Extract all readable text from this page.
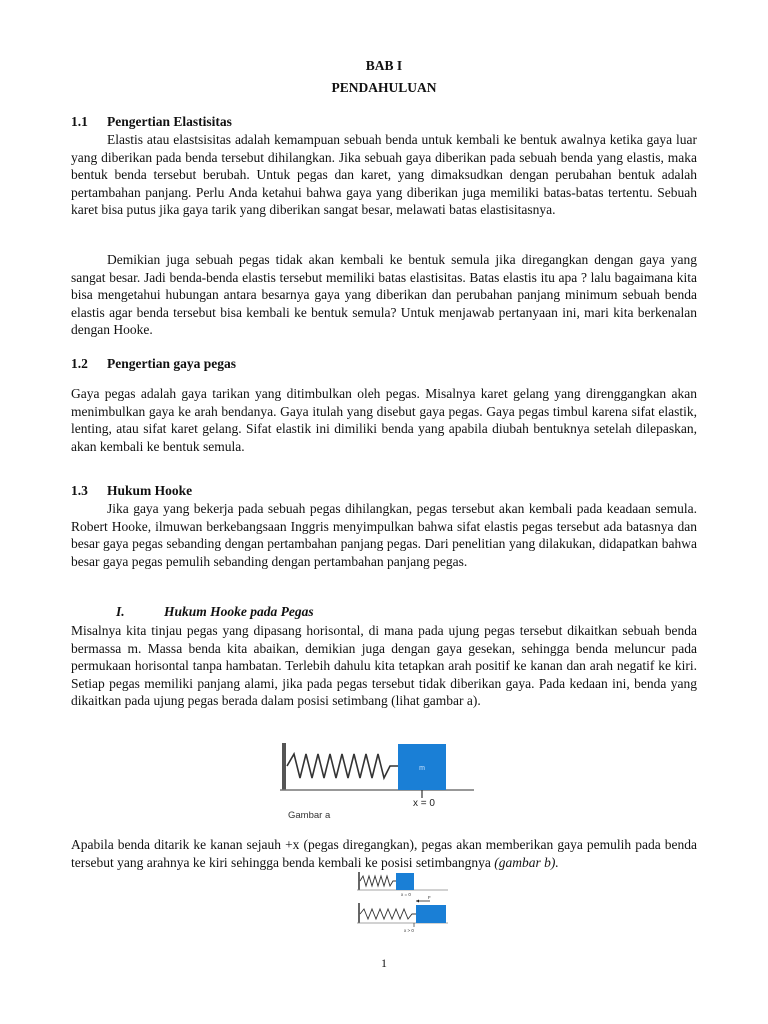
BAB I
PENDAHULUAN
1.1 Pengertian Elastisitas
Elastis atau elastsisitas adalah kemampuan sebuah benda untuk kembali ke bentuk awalnya ketika gaya luar yang diberikan pada benda tersebut dihilangkan. Jika sebuah gaya diberikan pada sebuah benda yang elastis, maka bentuk benda tersebut berubah. Untuk pegas dan karet, yang dimaksudkan dengan perubahan bentuk adalah pertambahan panjang. Perlu Anda ketahui bahwa gaya yang diberikan juga memiliki batas-batas tertentu. Sebuah karet bisa putus jika gaya tarik yang diberikan sangat besar, melawati batas elastisitasnya.
Demikian juga sebuah pegas tidak akan kembali ke bentuk semula jika diregangkan dengan gaya yang sangat besar. Jadi benda-benda elastis tersebut memiliki batas elastisitas. Batas elastis itu apa ? lalu bagaimana kita bisa mengetahui hubungan antara besarnya gaya yang diberikan dan perubahan panjang minimum sebuah benda elastis agar benda tersebut bisa kembali ke bentuk semula? Untuk menjawab pertanyaan ini, mari kita berkenalan dengan Hooke.
1.2 Pengertian gaya pegas
Gaya pegas adalah gaya tarikan yang ditimbulkan oleh pegas. Misalnya karet gelang yang direnggangkan akan menimbulkan gaya ke arah bendanya. Gaya itulah yang disebut gaya pegas. Gaya pegas timbul karena sifat elastik, lenting, atau sifat karet gelang. Sifat elastik ini dimiliki benda yang apabila diubah bentuknya setelah dilepaskan, akan kembali ke bentuk semula.
1.3 Hukum Hooke
Jika gaya yang bekerja pada sebuah pegas dihilangkan, pegas tersebut akan kembali pada keadaan semula. Robert Hooke, ilmuwan berkebangsaan Inggris menyimpulkan bahwa sifat elastis pegas tersebut ada batasnya dan besar gaya pegas sebanding dengan pertambahan panjang pegas. Dari penelitian yang dilakukan, didapatkan bahwa besar gaya pegas pemulih sebanding dengan pertambahan panjang pegas.
I.	Hukum Hooke pada Pegas
Misalnya kita tinjau pegas yang dipasang horisontal, di mana pada ujung pegas tersebut dikaitkan sebuah benda bermassa m. Massa benda kita abaikan, demikian juga dengan gaya gesekan, sehingga benda meluncur pada permukaan horisontal tanpa hambatan. Terlebih dahulu kita tetapkan arah positif ke kanan dan arah negatif ke kiri. Setiap pegas memiliki panjang alami, jika pada pegas tersebut tidak diberikan gaya. Pada kedaan ini, benda yang dikaitkan pada ujung pegas berada dalam posisi setimbang (lihat gambar a).
m
x = 0
Gambar a
Apabila benda ditarik ke kanan sejauh +x (pegas diregangkan), pegas akan memberikan gaya pemulih pada benda tersebut yang arahnya ke kiri sehingga benda kembali ke posisi setimbangnya (gambar b).
x = 0
F
x > 0
1
